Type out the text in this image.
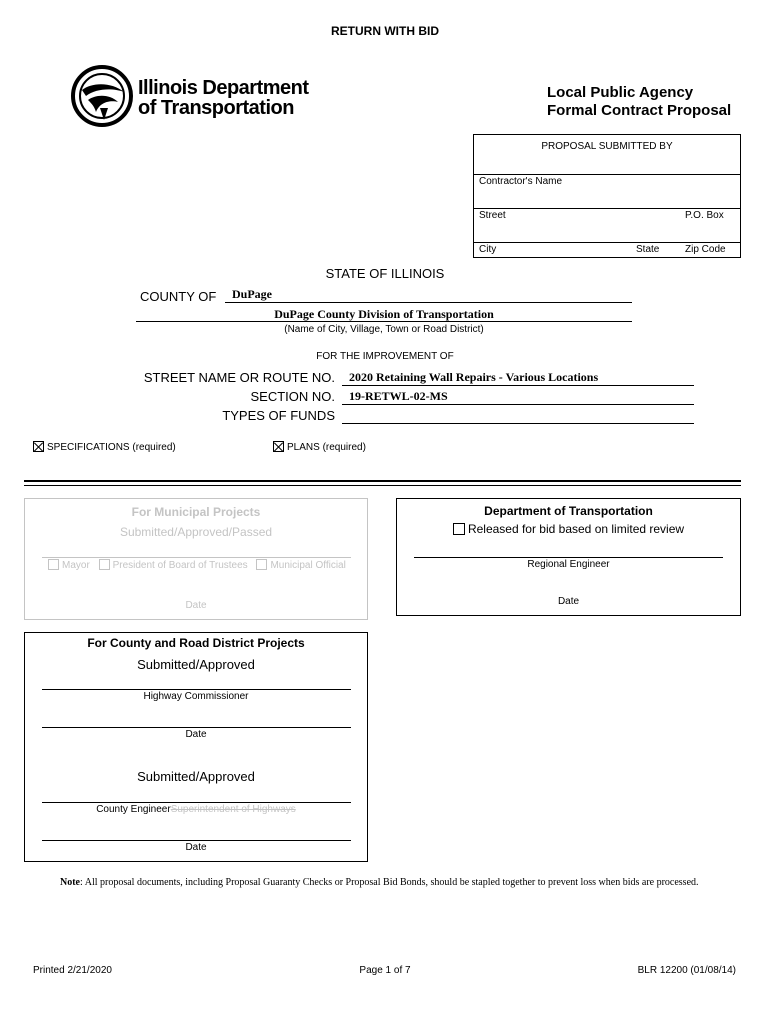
RETURN WITH BID
Illinois Department
of Transportation
Local Public Agency
Formal Contract Proposal
PROPOSAL SUBMITTED BY
Contractor's Name
Street	P.O. Box
City	State	Zip Code
STATE OF ILLINOIS
COUNTY OF DuPage
DuPage County Division of Transportation
(Name of City, Village, Town or Road District)
FOR THE IMPROVEMENT OF
STREET NAME OR ROUTE NO. 2020 Retaining Wall Repairs - Various Locations
SECTION NO. 19-RETWL-02-MS
TYPES OF FUNDS
SPECIFICATIONS (required)	PLANS (required)
For Municipal Projects
Submitted/Approved/Passed
Mayor President of Board of Trustees Municipal Official
Date
Department of Transportation
Released for bid based on limited review
Regional Engineer
Date
For County and Road District Projects
Submitted/Approved
Highway Commissioner
Date
Submitted/Approved
County EngineerSuperintendent of Highways
Date
Note: All proposal documents, including Proposal Guaranty Checks or Proposal Bid Bonds, should be stapled together to prevent loss when bids are processed.
Printed 2/21/2020	Page 1 of 7	BLR 12200 (01/08/14)
